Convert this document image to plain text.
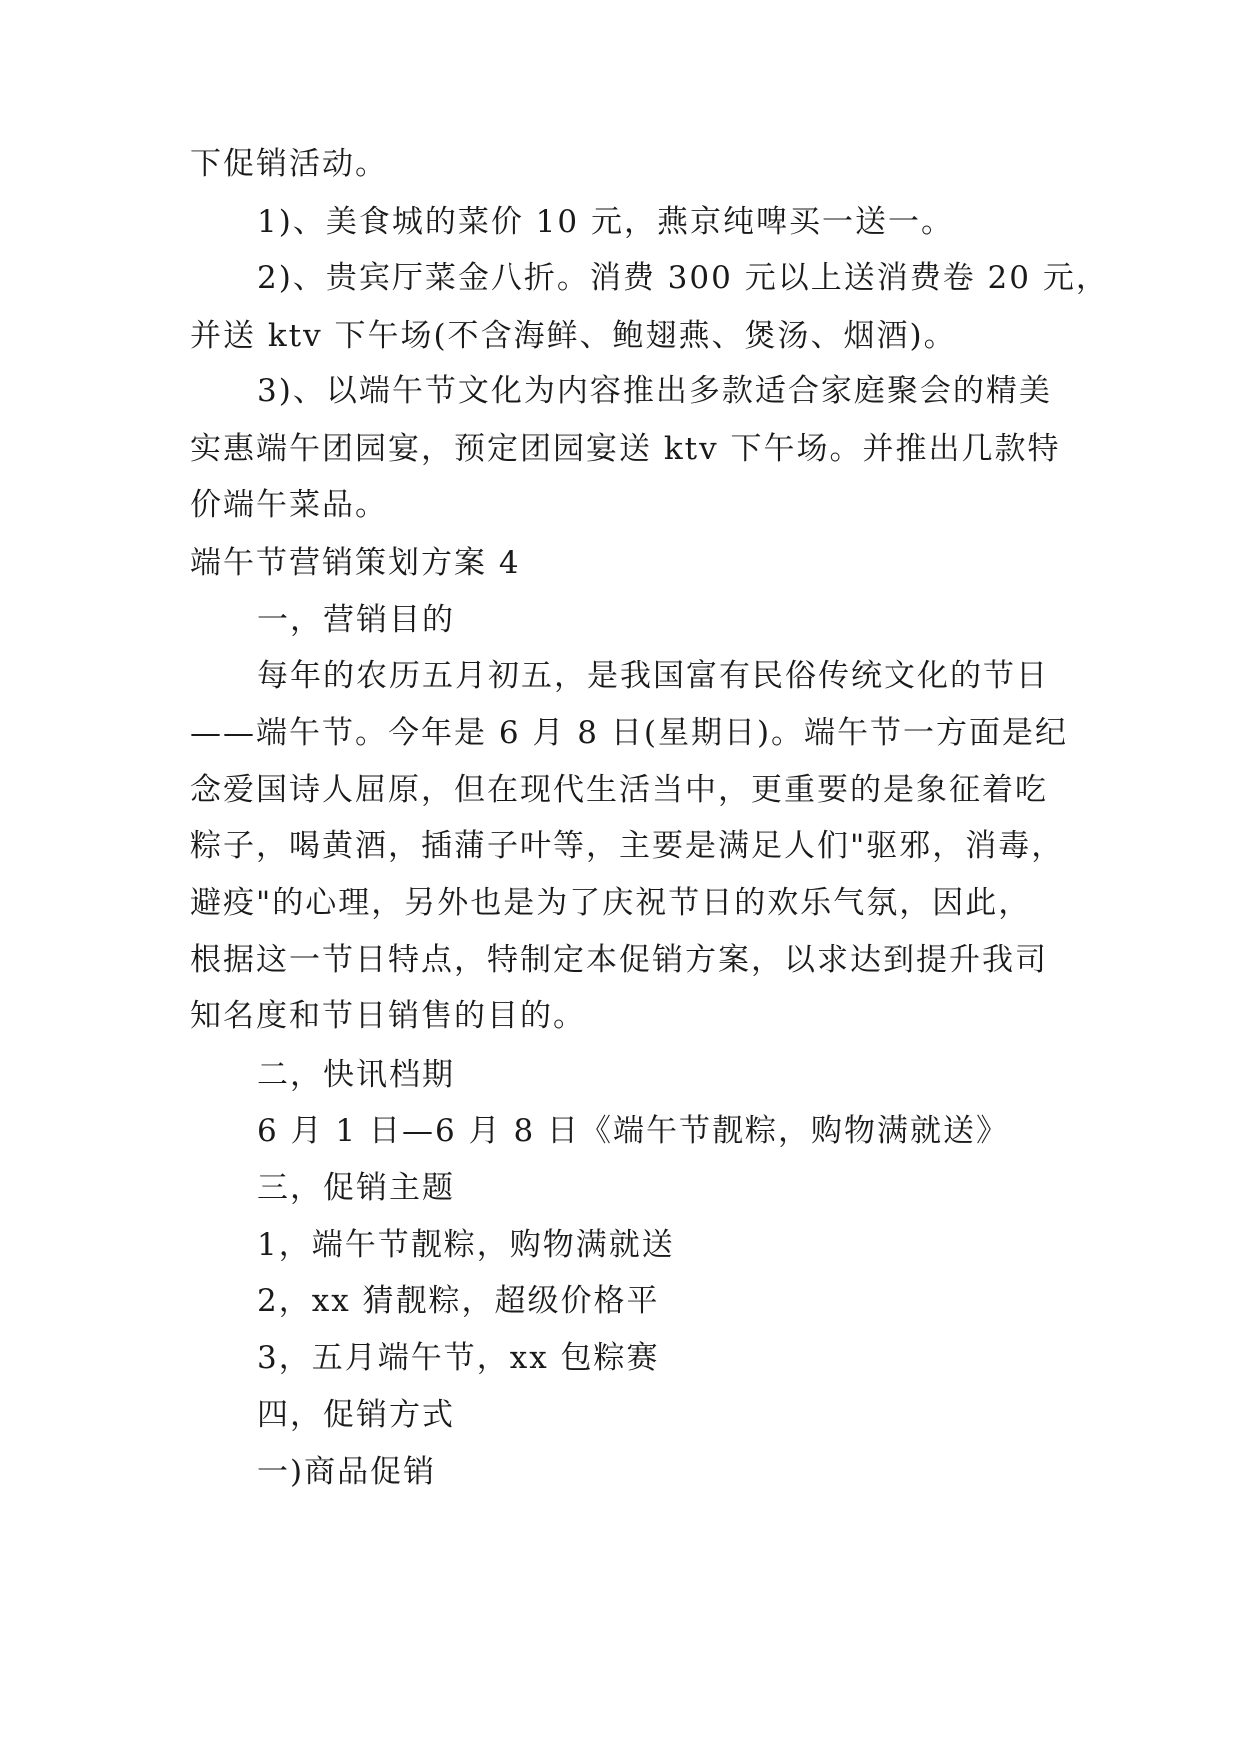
下促销活动。
1)、美食城的菜价 10 元，燕京纯啤买一送一。
2)、贵宾厅菜金八折。消费 300 元以上送消费卷 20 元，
并送 ktv 下午场(不含海鲜、鲍翅燕、煲汤、烟酒)。
3)、以端午节文化为内容推出多款适合家庭聚会的精美
实惠端午团园宴，预定团园宴送 ktv 下午场。并推出几款特
价端午菜品。
端午节营销策划方案 4
一，营销目的
每年的农历五月初五，是我国富有民俗传统文化的节日
——端午节。今年是 6 月 8 日(星期日)。端午节一方面是纪
念爱国诗人屈原，但在现代生活当中，更重要的是象征着吃
粽子，喝黄酒，插蒲子叶等，主要是满足人们"驱邪，消毒，
避疫"的心理，另外也是为了庆祝节日的欢乐气氛，因此，
根据这一节日特点，特制定本促销方案，以求达到提升我司
知名度和节日销售的目的。
二，快讯档期
6 月 1 日—6 月 8 日《端午节靓粽，购物满就送》
三，促销主题
1，端午节靓粽，购物满就送
2，xx 猜靓粽，超级价格平
3，五月端午节，xx 包粽赛
四，促销方式
一)商品促销
